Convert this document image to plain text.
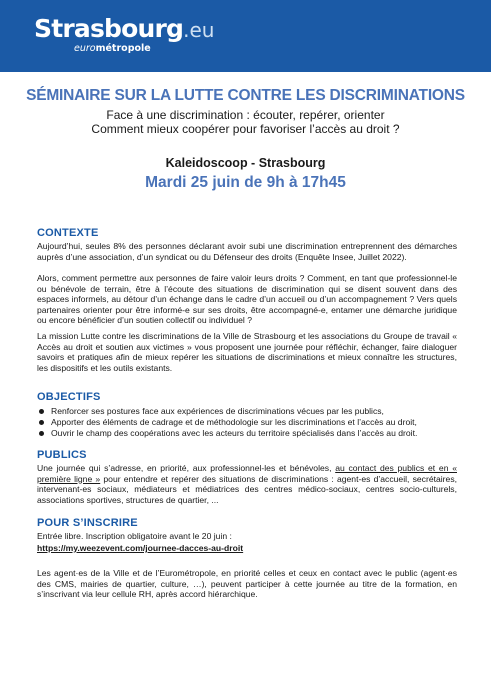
Strasbourg.eu
eurométropole
SÉMINAIRE SUR LA LUTTE CONTRE LES DISCRIMINATIONS
Face à une discrimination : écouter, repérer, orienter
Comment mieux coopérer pour favoriser l’accès au droit ?
Kaleidoscoop - Strasbourg
Mardi 25 juin de 9h à 17h45
CONTEXTE
Aujourd’hui, seules 8% des personnes déclarant avoir subi une discrimination entreprennent des démarches auprès d’une association, d’un syndicat ou du Défenseur des droits (Enquête Insee, Juillet 2022).
Alors, comment permettre aux personnes de faire valoir leurs droits ? Comment, en tant que professionnel-le ou bénévole de terrain, être à l’écoute des situations de discrimination qui se disent souvent dans des espaces informels, au détour d’un échange dans le cadre d’un accueil ou d’un accompagnement ? Vers quels partenaires orienter pour être informé-e sur ses droits, être accompagné-e, entamer une démarche juridique ou encore bénéficier d’un soutien collectif ou individuel ?
La mission Lutte contre les discriminations de la Ville de Strasbourg et les associations du Groupe de travail « Accès au droit et soutien aux victimes » vous proposent une journée pour réfléchir, échanger, faire dialoguer savoirs et pratiques afin de mieux repérer les situations de discriminations et mieux connaître les structures, les dispositifs et les outils existants.
OBJECTIFS
Renforcer ses postures face aux expériences de discriminations vécues par les publics,
Apporter des éléments de cadrage et de méthodologie sur les discriminations et l’accès au droit,
Ouvrir le champ des coopérations avec les acteurs du territoire spécialisés dans l’accès au droit.
PUBLICS
Une journée qui s’adresse, en priorité, aux professionnel-les et bénévoles, au contact des publics et en « première ligne » pour entendre et repérer des situations de discriminations : agent-es d’accueil, secrétaires, intervenant-es sociaux, médiateurs et médiatrices des centres médico-sociaux, centres socio-culturels, associations sportives, structures de quartier, ...
POUR S’INSCRIRE
Entrée libre. Inscription obligatoire avant le 20 juin :
https://my.weezevent.com/journee-dacces-au-droit
Les agent·es de la Ville et de l’Eurométropole, en priorité celles et ceux en contact avec le public (agent·es des CMS, mairies de quartier, culture, …), peuvent participer à cette journée au titre de la formation, en s’inscrivant via leur cellule RH, après accord hiérarchique.
